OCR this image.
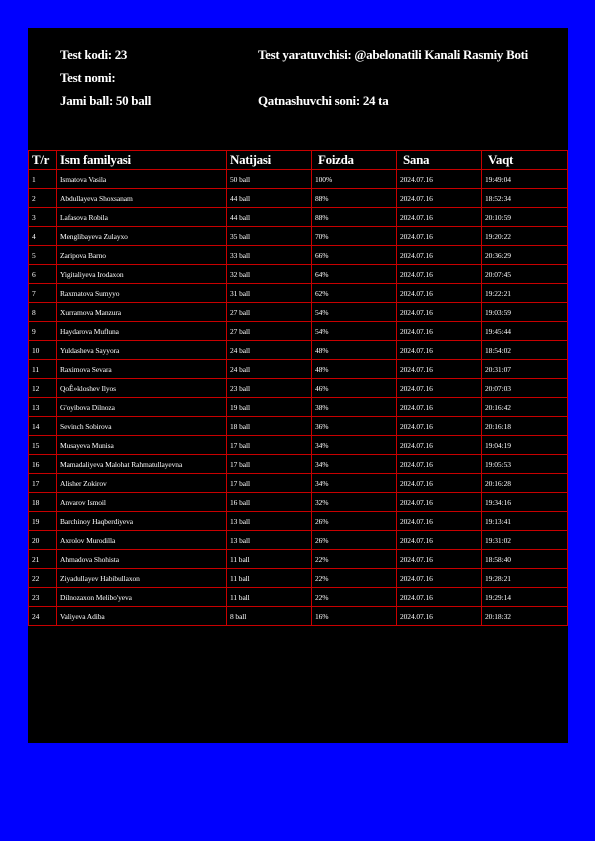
Test kodi: 23	Test yaratuvchisi: @abelonatili Kanali Rasmiy Boti
Test nomi:
Jami ball: 50 ball	Qatnashuvchi soni: 24 ta
T/r	Ism familyasi	Natijasi	Foizda	Sana	Vaqt
1	Ismatova Vasila	50 ball	100%	2024.07.16	19:49:04
2	Abdullayeva Shoxsanam	44 ball	88%	2024.07.16	18:52:34
3	Lafasova Robila	44 ball	88%	2024.07.16	20:10:59
4	Menglibayeva Zulayxo	35 ball	70%	2024.07.16	19:20:22
5	Zaripova Barno	33 ball	66%	2024.07.16	20:36:29
6	Yigitaliyeva Irodaxon	32 ball	64%	2024.07.16	20:07:45
7	Raxmatova Sumyyo	31 ball	62%	2024.07.16	19:22:21
8	Xurramova Manzura	27 ball	54%	2024.07.16	19:03:59
9	Haydarova Mufluna	27 ball	54%	2024.07.16	19:45:44
10	Yuldasheva Sayyora	24 ball	48%	2024.07.16	18:54:02
11	Raximova Sevara	24 ball	48%	2024.07.16	20:31:07
12	QoÊ»kloshev Ilyos	23 ball	46%	2024.07.16	20:07:03
13	G'oyibova Dilnoza	19 ball	38%	2024.07.16	20:16:42
14	Sevinch Sobirova	18 ball	36%	2024.07.16	20:16:18
15	Musayeva Munisa	17 ball	34%	2024.07.16	19:04:19
16	Mamadaliyeva Malohat Rahmatullayevna	17 ball	34%	2024.07.16	19:05:53
17	Alisher Zokirov	17 ball	34%	2024.07.16	20:16:28
18	Anvarov Ismoil	16 ball	32%	2024.07.16	19:34:16
19	Barchinoy Haqberdiyeva	13 ball	26%	2024.07.16	19:13:41
20	Axrolov Murodilla	13 ball	26%	2024.07.16	19:31:02
21	Ahmadova Shohista	11 ball	22%	2024.07.16	18:58:40
22	Ziyadullayev Habibullaxon	11 ball	22%	2024.07.16	19:28:21
23	Dilnozaxon Melibo'yeva	11 ball	22%	2024.07.16	19:29:14
24	Valiyeva Adiba	8 ball	16%	2024.07.16	20:18:32
